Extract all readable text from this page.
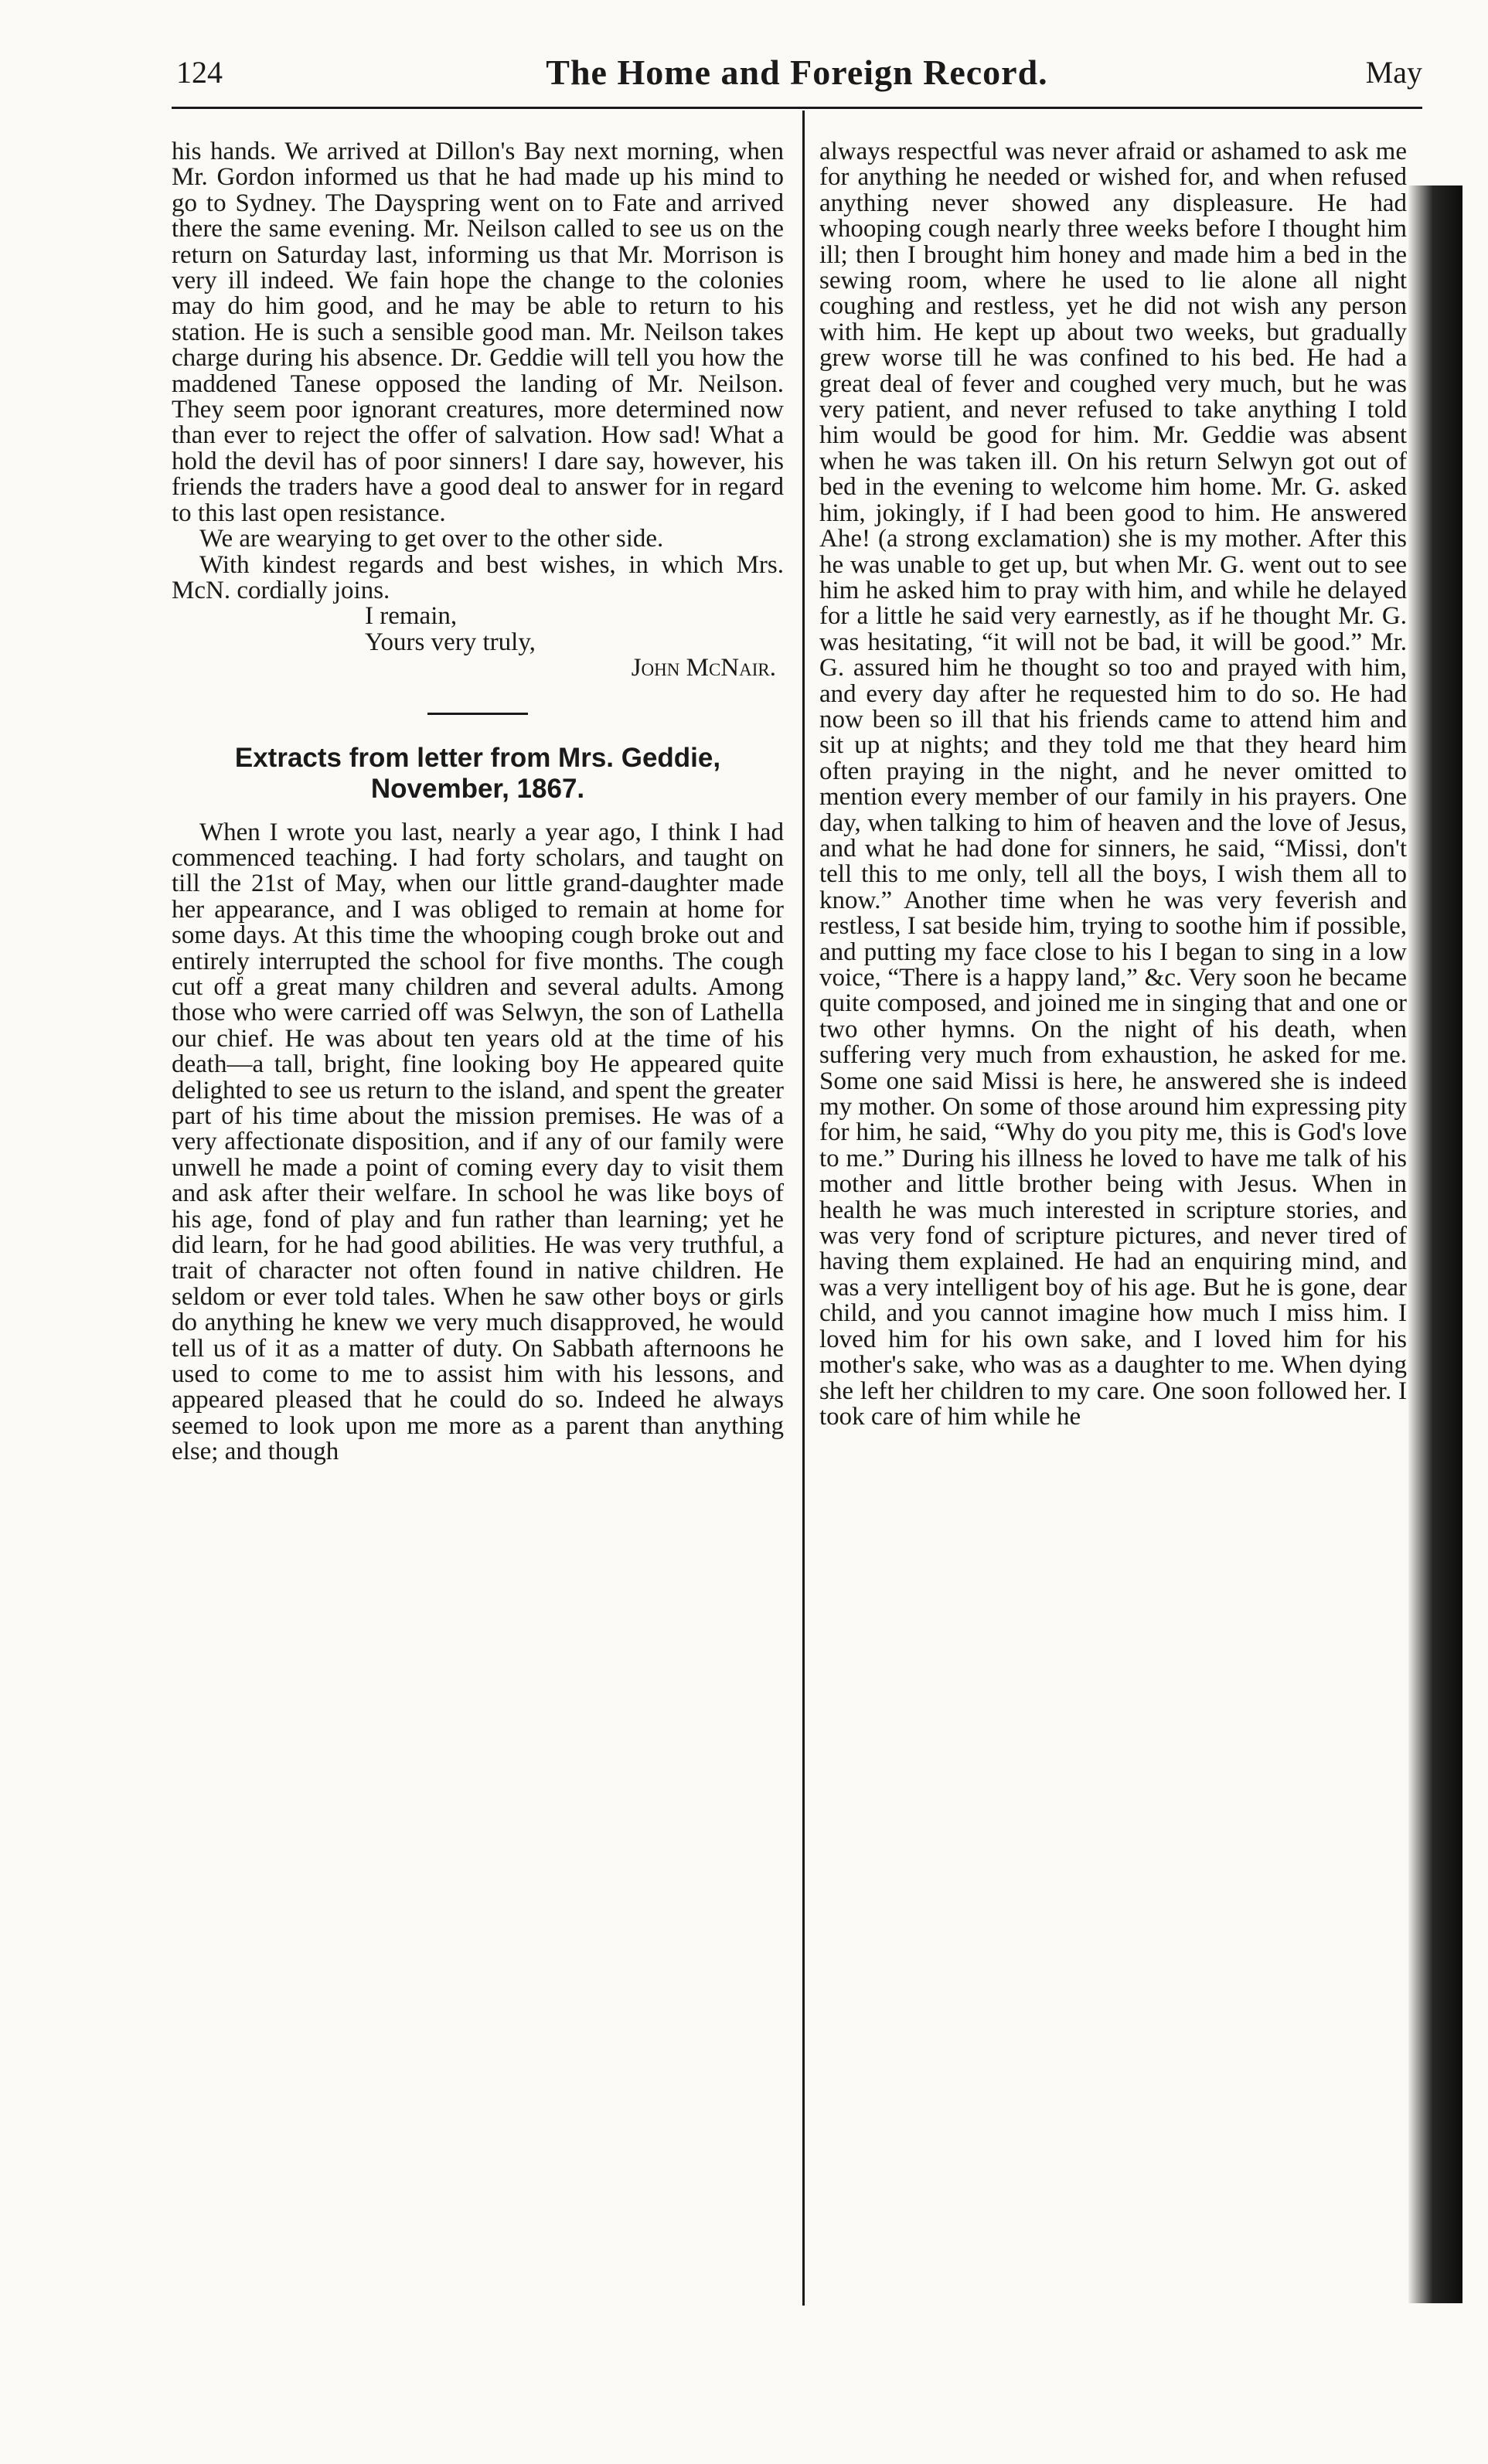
124	The Home and Foreign Record.	May

his hands. We arrived at Dillon's Bay next morning, when Mr. Gordon informed us that he had made up his mind to go to Sydney. The Dayspring went on to Fate and arrived there the same evening. Mr. Neilson called to see us on the return on Saturday last, informing us that Mr. Morrison is very ill indeed. We fain hope the change to the colonies may do him good, and he may be able to return to his station. He is such a sensible good man. Mr. Neilson takes charge during his absence. Dr. Geddie will tell you how the maddened Tanese opposed the landing of Mr. Neilson. They seem poor ignorant creatures, more determined now than ever to reject the offer of salvation. How sad! What a hold the devil has of poor sinners! I dare say, however, his friends the traders have a good deal to answer for in regard to this last open resistance.

We are wearying to get over to the other side.

With kindest regards and best wishes, in which Mrs. McN. cordially joins.

I remain,

Yours very truly,

John McNair.

Extracts from letter from Mrs. Geddie, November, 1867.

When I wrote you last, nearly a year ago, I think I had commenced teaching. I had forty scholars, and taught on till the 21st of May, when our little grand-daughter made her appearance, and I was obliged to remain at home for some days. At this time the whooping cough broke out and entirely interrupted the school for five months. The cough cut off a great many children and several adults. Among those who were carried off was Selwyn, the son of Lathella our chief. He was about ten years old at the time of his death—a tall, bright, fine looking boy He appeared quite delighted to see us return to the island, and spent the greater part of his time about the mission premises. He was of a very affectionate disposition, and if any of our family were unwell he made a point of coming every day to visit them and ask after their welfare. In school he was like boys of his age, fond of play and fun rather than learning; yet he did learn, for he had good abilities. He was very truthful, a trait of character not often found in native children. He seldom or ever told tales. When he saw other boys or girls do anything he knew we very much disapproved, he would tell us of it as a matter of duty. On Sabbath afternoons he used to come to me to assist him with his lessons, and appeared pleased that he could do so. Indeed he always seemed to look upon me more as a parent than anything else; and though

always respectful was never afraid or ashamed to ask me for anything he needed or wished for, and when refused anything never showed any displeasure. He had whooping cough nearly three weeks before I thought him ill; then I brought him honey and made him a bed in the sewing room, where he used to lie alone all night coughing and restless, yet he did not wish any person with him. He kept up about two weeks, but gradually grew worse till he was confined to his bed. He had a great deal of fever and coughed very much, but he was very patient, and never refused to take anything I told him would be good for him. Mr. Geddie was absent when he was taken ill. On his return Selwyn got out of bed in the evening to welcome him home. Mr. G. asked him, jokingly, if I had been good to him. He answered Ahe! (a strong exclamation) she is my mother. After this he was unable to get up, but when Mr. G. went out to see him he asked him to pray with him, and while he delayed for a little he said very earnestly, as if he thought Mr. G. was hesitating, “it will not be bad, it will be good.” Mr. G. assured him he thought so too and prayed with him, and every day after he requested him to do so. He had now been so ill that his friends came to attend him and sit up at nights; and they told me that they heard him often praying in the night, and he never omitted to mention every member of our family in his prayers. One day, when talking to him of heaven and the love of Jesus, and what he had done for sinners, he said, “Missi, don't tell this to me only, tell all the boys, I wish them all to know.” Another time when he was very feverish and restless, I sat beside him, trying to soothe him if possible, and putting my face close to his I began to sing in a low voice, “There is a happy land,” &c. Very soon he became quite composed, and joined me in singing that and one or two other hymns. On the night of his death, when suffering very much from exhaustion, he asked for me. Some one said Missi is here, he answered she is indeed my mother. On some of those around him expressing pity for him, he said, “Why do you pity me, this is God's love to me.” During his illness he loved to have me talk of his mother and little brother being with Jesus. When in health he was much interested in scripture stories, and was very fond of scripture pictures, and never tired of having them explained. He had an enquiring mind, and was a very intelligent boy of his age. But he is gone, dear child, and you cannot imagine how much I miss him. I loved him for his own sake, and I loved him for his mother's sake, who was as a daughter to me. When dying she left her children to my care. One soon followed her. I took care of him while he
